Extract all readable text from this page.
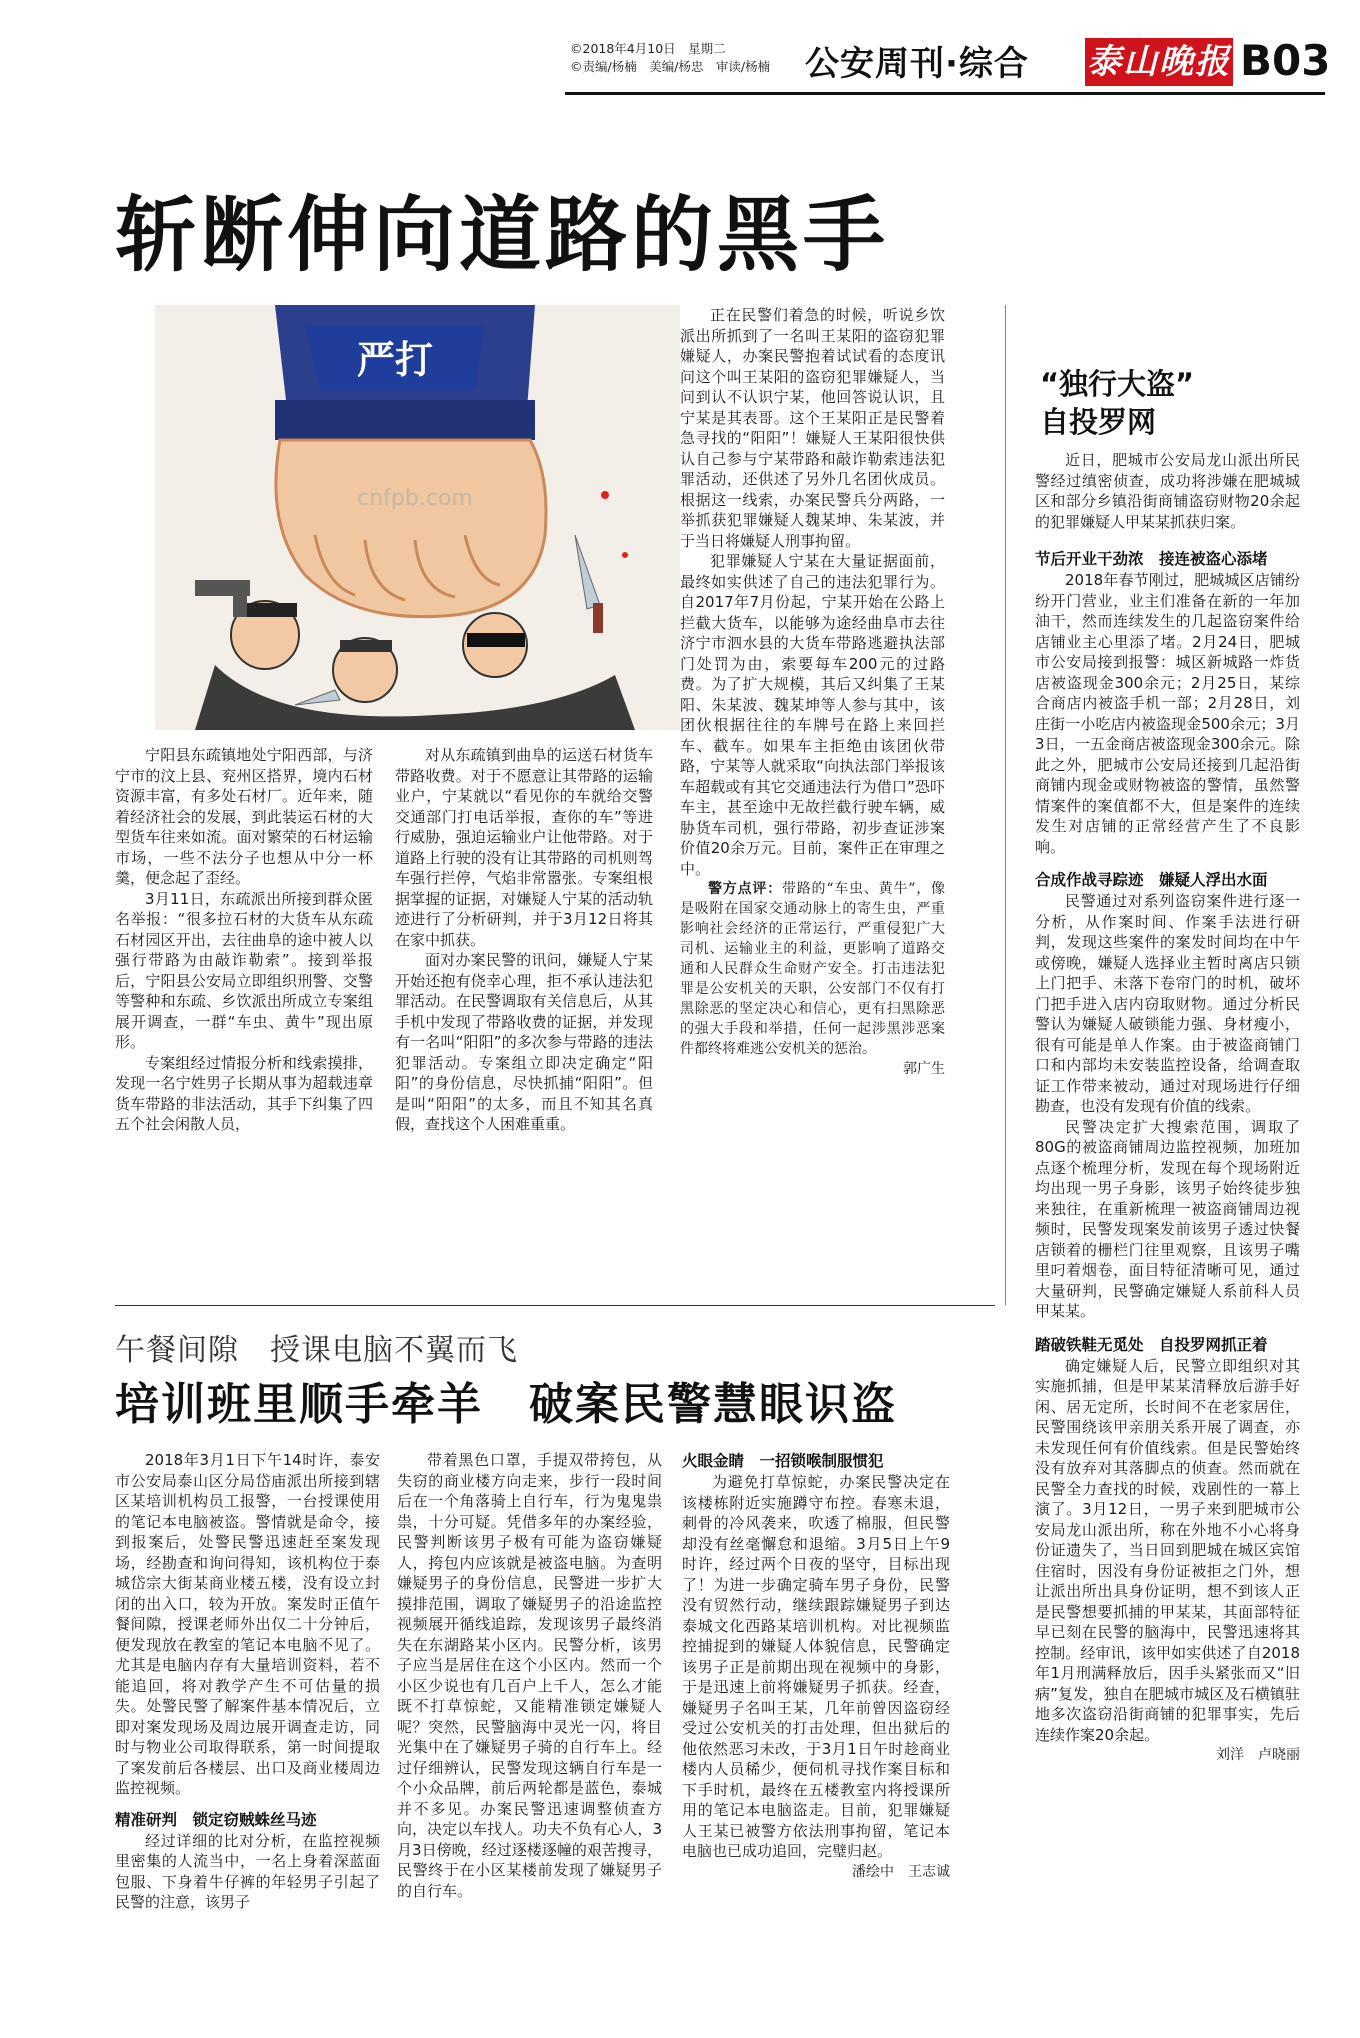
©2018年4月10日　星期二
©责编/杨楠　美编/杨忠　审读/杨楠	公安周刊·综合 泰山晚报 B03
斩断伸向道路的黑手
严打
cnfpb.com

宁阳县东疏镇地处宁阳西部，与济宁市的汶上县、兖州区搭界，境内石材资源丰富，有多处石材厂。近年来，随着经济社会的发展，到此装运石材的大型货车往来如流。面对繁荣的石材运输市场，一些不法分子也想从中分一杯羹，便念起了歪经。

3月11日，东疏派出所接到群众匿名举报：“很多拉石材的大货车从东疏石材园区开出，去往曲阜的途中被人以强行带路为由敲诈勒索”。接到举报后，宁阳县公安局立即组织刑警、交警等警种和东疏、乡饮派出所成立专案组展开调查，一群“车虫、黄牛”现出原形。

专案组经过情报分析和线索摸排，发现一名宁姓男子长期从事为超载违章货车带路的非法活动，其手下纠集了四五个社会闲散人员，

对从东疏镇到曲阜的运送石材货车带路收费。对于不愿意让其带路的运输业户，宁某就以“看见你的车就给交警交通部门打电话举报，查你的车”等进行威胁，强迫运输业户让他带路。对于道路上行驶的没有让其带路的司机则驾车强行拦停，气焰非常嚣张。专案组根据掌握的证据，对嫌疑人宁某的活动轨迹进行了分析研判，并于3月12日将其在家中抓获。

面对办案民警的讯问，嫌疑人宁某开始还抱有侥幸心理，拒不承认违法犯罪活动。在民警调取有关信息后，从其手机中发现了带路收费的证据，并发现有一名叫“阳阳”的多次参与带路的违法犯罪活动。专案组立即决定确定“阳阳”的身份信息，尽快抓捕“阳阳”。但是叫“阳阳”的太多，而且不知其名真假，查找这个人困难重重。

正在民警们着急的时候，听说乡饮派出所抓到了一名叫王某阳的盗窃犯罪嫌疑人，办案民警抱着试试看的态度讯问这个叫王某阳的盗窃犯罪嫌疑人，当问到认不认识宁某，他回答说认识，且宁某是其表哥。这个王某阳正是民警着急寻找的“阳阳”！嫌疑人王某阳很快供认自己参与宁某带路和敲诈勒索违法犯罪活动，还供述了另外几名团伙成员。根据这一线索，办案民警兵分两路，一举抓获犯罪嫌疑人魏某坤、朱某波，并于当日将嫌疑人刑事拘留。

犯罪嫌疑人宁某在大量证据面前，最终如实供述了自己的违法犯罪行为。自2017年7月份起，宁某开始在公路上拦截大货车，以能够为途经曲阜市去往济宁市泗水县的大货车带路逃避执法部门处罚为由，索要每车200元的过路费。为了扩大规模，其后又纠集了王某阳、朱某波、魏某坤等人参与其中，该团伙根据往往的车牌号在路上来回拦车、截车。如果车主拒绝由该团伙带路，宁某等人就采取“向执法部门举报该车超载或有其它交通违法行为借口”恐吓车主，甚至途中无故拦截行驶车辆，威胁货车司机，强行带路，初步查证涉案价值20余万元。目前，案件正在审理之中。

警方点评：带路的“车虫、黄牛”，像是吸附在国家交通动脉上的寄生虫，严重影响社会经济的正常运行，严重侵犯广大司机、运输业主的利益，更影响了道路交通和人民群众生命财产安全。打击违法犯罪是公安机关的天职，公安部门不仅有打黑除恶的坚定决心和信心，更有扫黑除恶的强大手段和举措，任何一起涉黑涉恶案件都终将难逃公安机关的惩治。

郭广生
“独行大盗”
自投罗网

近日，肥城市公安局龙山派出所民警经过缜密侦查，成功将涉嫌在肥城城区和部分乡镇沿街商铺盗窃财物20余起的犯罪嫌疑人甲某某抓获归案。

节后开业干劲浓　接连被盗心添堵

2018年春节刚过，肥城城区店铺纷纷开门营业，业主们准备在新的一年加油干，然而连续发生的几起盗窃案件给店铺业主心里添了堵。2月24日，肥城市公安局接到报警：城区新城路一炸货店被盗现金300余元；2月25日，某综合商店内被盗手机一部；2月28日，刘庄街一小吃店内被盗现金500余元；3月3日，一五金商店被盗现金300余元。除此之外，肥城市公安局还接到几起沿街商铺内现金或财物被盗的警情，虽然警情案件的案值都不大，但是案件的连续发生对店铺的正常经营产生了不良影响。

合成作战寻踪迹　嫌疑人浮出水面

民警通过对系列盗窃案件进行逐一分析，从作案时间、作案手法进行研判，发现这些案件的案发时间均在中午或傍晚，嫌疑人选择业主暂时离店只锁上门把手、未落下卷帘门的时机，破坏门把手进入店内窃取财物。通过分析民警认为嫌疑人破锁能力强、身材瘦小，很有可能是单人作案。由于被盗商铺门口和内部均未安装监控设备，给调查取证工作带来被动，通过对现场进行仔细勘查，也没有发现有价值的线索。

民警决定扩大搜索范围，调取了80G的被盗商铺周边监控视频，加班加点逐个梳理分析，发现在每个现场附近均出现一男子身影，该男子始终徒步独来独往，在重新梳理一被盗商铺周边视频时，民警发现案发前该男子透过快餐店锁着的栅栏门往里观察，且该男子嘴里叼着烟卷，面目特征清晰可见，通过大量研判，民警确定嫌疑人系前科人员甲某某。

踏破铁鞋无觅处　自投罗网抓正着

确定嫌疑人后，民警立即组织对其实施抓捕，但是甲某某清释放后游手好闲、居无定所，长时间不在老家居住，民警围绕该甲亲朋关系开展了调查，亦未发现任何有价值线索。但是民警始终没有放弃对其落脚点的侦查。然而就在民警全力查找的时候，戏剧性的一幕上演了。3月12日，一男子来到肥城市公安局龙山派出所，称在外地不小心将身份证遗失了，当日回到肥城在城区宾馆住宿时，因没有身份证被拒之门外，想让派出所出具身份证明，想不到该人正是民警想要抓捕的甲某某，其面部特征早已刻在民警的脑海中，民警迅速将其控制。经审讯，该甲如实供述了自2018年1月刑满释放后，因手头紧张而又“旧病”复发，独自在肥城市城区及石横镇驻地多次盗窃沿街商铺的犯罪事实，先后连续作案20余起。

刘洋　卢晓丽
午餐间隙　授课电脑不翼而飞
培训班里顺手牵羊　破案民警慧眼识盗

2018年3月1日下午14时许，泰安市公安局泰山区分局岱庙派出所接到辖区某培训机构员工报警，一台授课使用的笔记本电脑被盗。警情就是命令，接到报案后，处警民警迅速赶至案发现场，经勘查和询问得知，该机构位于泰城岱宗大街某商业楼五楼，没有设立封闭的出入口，较为开放。案发时正值午餐间隙，授课老师外出仅二十分钟后，便发现放在教室的笔记本电脑不见了。尤其是电脑内存有大量培训资料，若不能追回，将对教学产生不可估量的损失。处警民警了解案件基本情况后，立即对案发现场及周边展开调查走访，同时与物业公司取得联系，第一时间提取了案发前后各楼层、出口及商业楼周边监控视频。

精准研判　锁定窃贼蛛丝马迹

经过详细的比对分析，在监控视频里密集的人流当中，一名上身着深蓝面包服、下身着牛仔裤的年轻男子引起了民警的注意，该男子

带着黑色口罩，手提双带挎包，从失窃的商业楼方向走来，步行一段时间后在一个角落骑上自行车，行为鬼鬼祟祟，十分可疑。凭借多年的办案经验，民警判断该男子极有可能为盗窃嫌疑人，挎包内应该就是被盗电脑。为查明嫌疑男子的身份信息，民警进一步扩大摸排范围，调取了嫌疑男子的沿途监控视频展开循线追踪，发现该男子最终消失在东湖路某小区内。民警分析，该男子应当是居住在这个小区内。然而一个小区少说也有几百户上千人，怎么才能既不打草惊蛇，又能精准锁定嫌疑人呢？突然，民警脑海中灵光一闪，将目光集中在了嫌疑男子骑的自行车上。经过仔细辨认，民警发现这辆自行车是一个小众品牌，前后两轮都是蓝色，泰城并不多见。办案民警迅速调整侦查方向，决定以车找人。功夫不负有心人，3月3日傍晚，经过逐楼逐幢的艰苦搜寻，民警终于在小区某楼前发现了嫌疑男子的自行车。

火眼金睛　一招锁喉制服惯犯

为避免打草惊蛇，办案民警决定在该楼栋附近实施蹲守布控。春寒未退，刺骨的冷风袭来，吹透了棉服，但民警却没有丝毫懈怠和退缩。3月5日上午9时许，经过两个日夜的坚守，目标出现了！为进一步确定骑车男子身份，民警没有贸然行动，继续跟踪嫌疑男子到达泰城文化西路某培训机构。对比视频监控捕捉到的嫌疑人体貌信息，民警确定该男子正是前期出现在视频中的身影，于是迅速上前将嫌疑男子抓获。经查，嫌疑男子名叫王某，几年前曾因盗窃经受过公安机关的打击处理，但出狱后的他依然恶习未改，于3月1日午时趁商业楼内人员稀少，便伺机寻找作案目标和下手时机，最终在五楼教室内将授课所用的笔记本电脑盗走。目前，犯罪嫌疑人王某已被警方依法刑事拘留，笔记本电脑也已成功追回，完璧归赵。

潘绘中　王志诚
